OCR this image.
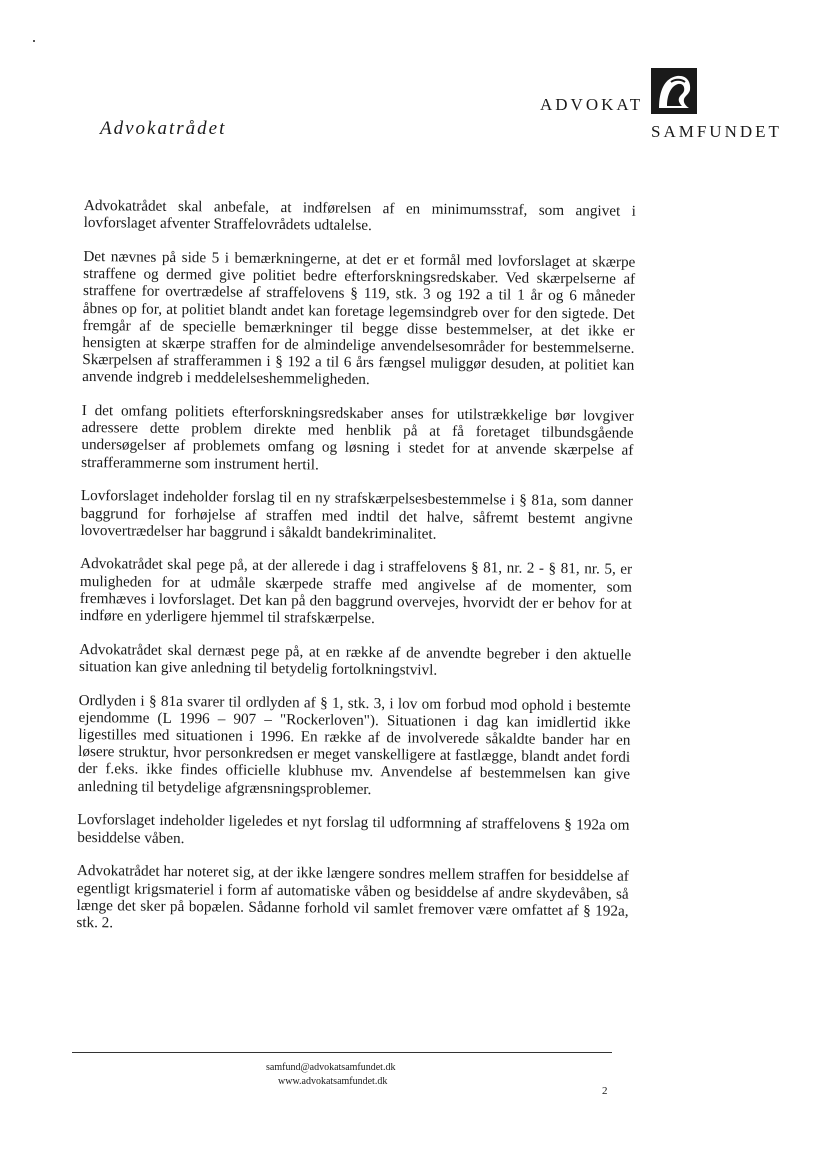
Advokatrådet
ADVOKAT
SAMFUNDET

Advokatrådet skal anbefale, at indførelsen af en minimumsstraf, som angivet i lovforslaget afventer Straffelovrådets udtalelse.

Det nævnes på side 5 i bemærkningerne, at det er et formål med lovforslaget at skærpe straffene og dermed give politiet bedre efterforskningsredskaber. Ved skærpelserne af straffene for overtrædelse af straffelovens § 119, stk. 3 og 192 a til 1 år og 6 måneder åbnes op for, at politiet blandt andet kan foretage legemsindgreb over for den sigtede. Det fremgår af de specielle bemærkninger til begge disse bestemmelser, at det ikke er hensigten at skærpe straffen for de almindelige anvendelsesområder for bestemmelserne. Skærpelsen af strafferammen i § 192 a til 6 års fængsel muliggør desuden, at politiet kan anvende indgreb i meddelelseshemmeligheden.

I det omfang politiets efterforskningsredskaber anses for utilstrækkelige bør lovgiver adressere dette problem direkte med henblik på at få foretaget tilbundsgående undersøgelser af problemets omfang og løsning i stedet for at anvende skærpelse af strafferammerne som instrument hertil.

Lovforslaget indeholder forslag til en ny strafskærpelsesbestemmelse i § 81a, som danner baggrund for forhøjelse af straffen med indtil det halve, såfremt bestemt angivne lovovertrædelser har baggrund i såkaldt bandekriminalitet.

Advokatrådet skal pege på, at der allerede i dag i straffelovens § 81, nr. 2 - § 81, nr. 5, er muligheden for at udmåle skærpede straffe med angivelse af de momenter, som fremhæves i lovforslaget. Det kan på den baggrund overvejes, hvorvidt der er behov for at indføre en yderligere hjemmel til strafskærpelse.

Advokatrådet skal dernæst pege på, at en række af de anvendte begreber i den aktuelle situation kan give anledning til betydelig fortolkningstvivl.

Ordlyden i § 81a svarer til ordlyden af § 1, stk. 3, i lov om forbud mod ophold i bestemte ejendomme (L 1996 – 907 – "Rockerloven"). Situationen i dag kan imidlertid ikke ligestilles med situationen i 1996. En række af de involverede såkaldte bander har en løsere struktur, hvor personkredsen er meget vanskelligere at fastlægge, blandt andet fordi der f.eks. ikke findes officielle klubhuse mv. Anvendelse af bestemmelsen kan give anledning til betydelige afgrænsningsproblemer.

Lovforslaget indeholder ligeledes et nyt forslag til udformning af straffelovens § 192a om besiddelse våben.

Advokatrådet har noteret sig, at der ikke længere sondres mellem straffen for besiddelse af egentligt krigsmateriel i form af automatiske våben og besiddelse af andre skydevåben, så længe det sker på bopælen. Sådanne forhold vil samlet fremover være omfattet af § 192a, stk. 2.

samfund@advokatsamfundet.dk
www.advokatsamfundet.dk
2
